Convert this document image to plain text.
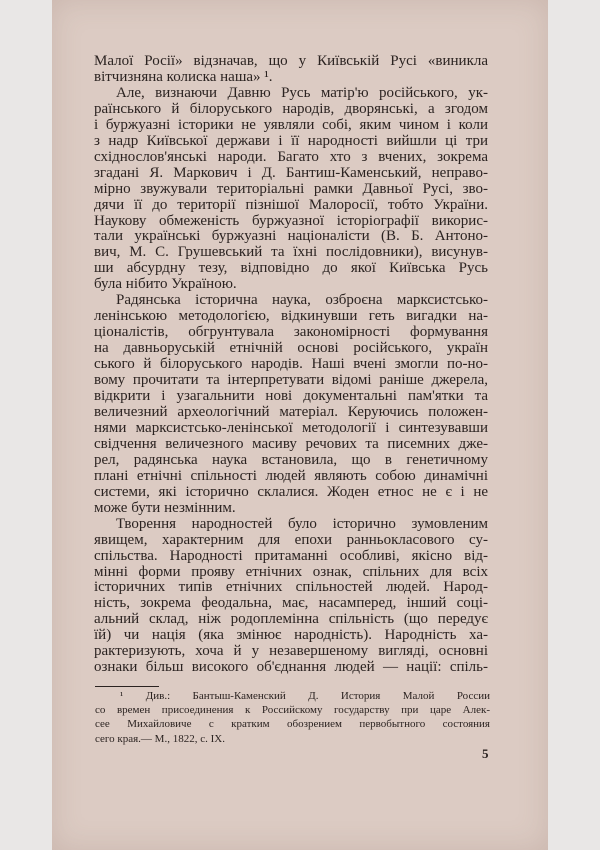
Малої Росії» відзначав, що у Київській Русі «виникла
вітчизняна колиска наша» ¹.
Але, визнаючи Давню Русь матір'ю російського, ук-
раїнського й білоруського народів, дворянські, а згодом
і буржуазні історики не уявляли собі, яким чином і коли
з надр Київської держави і її народності вийшли ці три
східнослов'янські народи. Багато хто з вчених, зокрема
згадані Я. Маркович і Д. Бантиш-Каменський, неправо-
мірно звужували територіальні рамки Давньої Русі, зво-
дячи її до території пізнішої Малоросії, тобто України.
Наукову обмеженість буржуазної історіографії викорис-
тали українські буржуазні націоналісти (В. Б. Антоно-
вич, М. С. Грушевський та їхні послідовники), висунув-
ши абсурдну тезу, відповідно до якої Київська Русь
була нібито Україною.
Радянська історична наука, озброєна марксистсько-
ленінською методологією, відкинувши геть вигадки на-
ціоналістів, обгрунтувала закономірності формування
на давньоруській етнічній основі російського, україн
ського й білоруського народів. Наші вчені змогли по-но-
вому прочитати та інтерпретувати відомі раніше джерела,
відкрити і узагальнити нові документальні пам'ятки та
величезний археологічний матеріал. Керуючись положен-
нями марксистсько-ленінської методології і синтезувавши
свідчення величезного масиву речових та писемних дже-
рел, радянська наука встановила, що в генетичному
плані етнічні спільності людей являють собою динамічні
системи, які історично склалися. Жоден етнос не є і не
може бути незмінним.
Творення народностей було історично зумовленим
явищем, характерним для епохи ранньокласового су-
спільства. Народності притаманні особливі, якісно від-
мінні форми прояву етнічних ознак, спільних для всіх
історичних типів етнічних спільностей людей. Народ-
ність, зокрема феодальна, має, насамперед, інший соці-
альний склад, ніж родоплемінна спільність (що передує
їй) чи нація (яка змінює народність). Народність ха-
рактеризують, хоча й у незавершеному вигляді, основні
ознаки більш високого об'єднання людей — нації: спіль-
¹ Див.: Бантыш-Каменский Д. История Малой России
со времен присоединения к Российскому государству при царе Алек-
сее Михайловиче с кратким обозрением первобытного состояния
сего края.— М., 1822, с. IX.
5
